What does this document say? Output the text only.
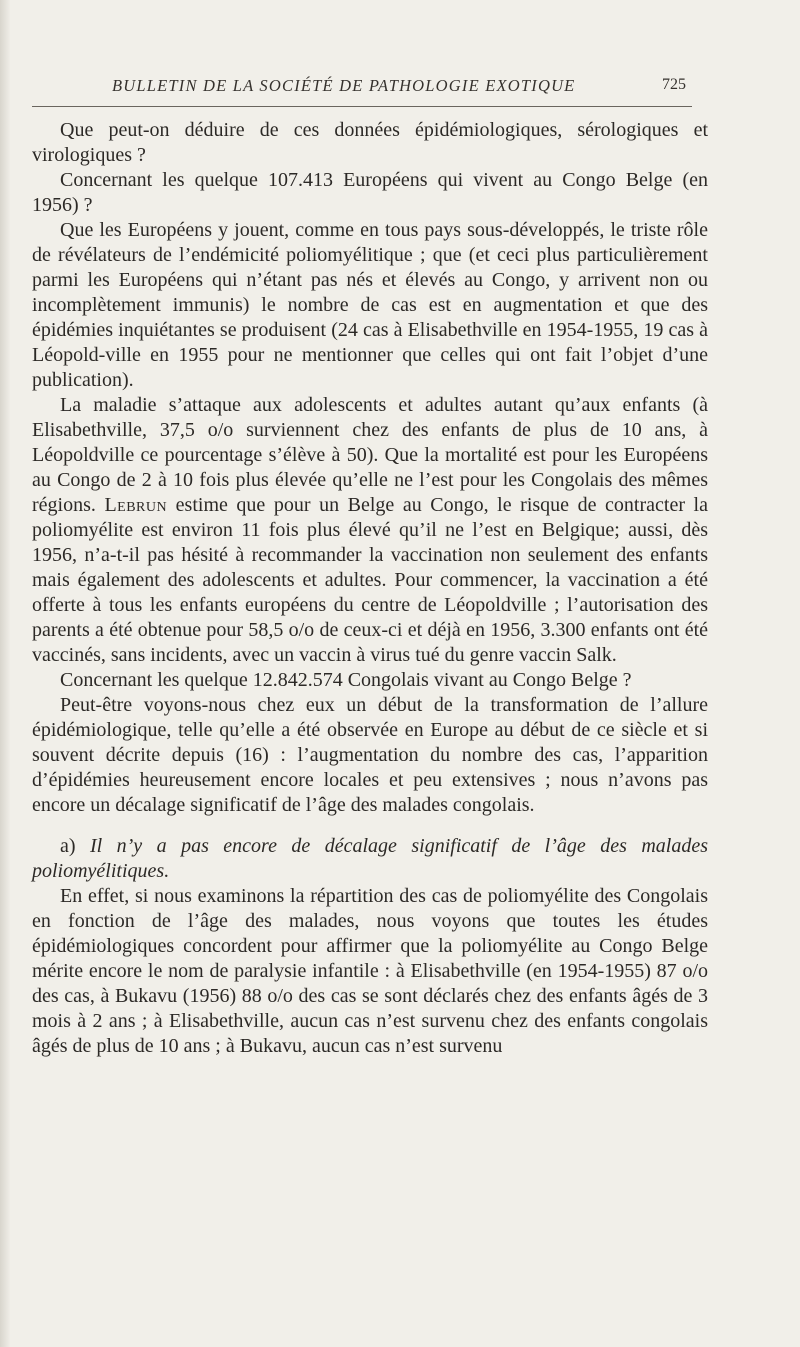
BULLETIN DE LA SOCIÉTÉ DE PATHOLOGIE EXOTIQUE	725

Que peut-on déduire de ces données épidémiologiques, sérologiques et virologiques ?

Concernant les quelque 107.413 Européens qui vivent au Congo Belge (en 1956) ?

Que les Européens y jouent, comme en tous pays sous-développés, le triste rôle de révélateurs de l’endémicité poliomyélitique ; que (et ceci plus particulièrement parmi les Européens qui n’étant pas nés et élevés au Congo, y arrivent non ou incomplètement immunis) le nombre de cas est en augmentation et que des épidémies inquiétantes se produisent (24 cas à Elisabethville en 1954-1955, 19 cas à Léopold-ville en 1955 pour ne mentionner que celles qui ont fait l’objet d’une publication).

La maladie s’attaque aux adolescents et adultes autant qu’aux enfants (à Elisabethville, 37,5 o/o surviennent chez des enfants de plus de 10 ans, à Léopoldville ce pourcentage s’élève à 50). Que la mortalité est pour les Européens au Congo de 2 à 10 fois plus élevée qu’elle ne l’est pour les Congolais des mêmes régions. Lebrun estime que pour un Belge au Congo, le risque de contracter la poliomyélite est environ 11 fois plus élevé qu’il ne l’est en Belgique; aussi, dès 1956, n’a-t-il pas hésité à recommander la vaccination non seulement des enfants mais également des adolescents et adultes. Pour commencer, la vaccination a été offerte à tous les enfants européens du centre de Léopoldville ; l’autorisation des parents a été obtenue pour 58,5 o/o de ceux-ci et déjà en 1956, 3.300 enfants ont été vaccinés, sans incidents, avec un vaccin à virus tué du genre vaccin Salk.

Concernant les quelque 12.842.574 Congolais vivant au Congo Belge ?

Peut-être voyons-nous chez eux un début de la transformation de l’allure épidémiologique, telle qu’elle a été observée en Europe au début de ce siècle et si souvent décrite depuis (16) : l’augmentation du nombre des cas, l’apparition d’épidémies heureusement encore locales et peu extensives ; nous n’avons pas encore un décalage significatif de l’âge des malades congolais.

a) Il n’y a pas encore de décalage significatif de l’âge des malades poliomyélitiques.

En effet, si nous examinons la répartition des cas de poliomyélite des Congolais en fonction de l’âge des malades, nous voyons que toutes les études épidémiologiques concordent pour affirmer que la poliomyélite au Congo Belge mérite encore le nom de paralysie infantile : à Elisabethville (en 1954-1955) 87 o/o des cas, à Bukavu (1956) 88 o/o des cas se sont déclarés chez des enfants âgés de 3 mois à 2 ans ; à Elisabethville, aucun cas n’est survenu chez des enfants congolais âgés de plus de 10 ans ; à Bukavu, aucun cas n’est survenu
